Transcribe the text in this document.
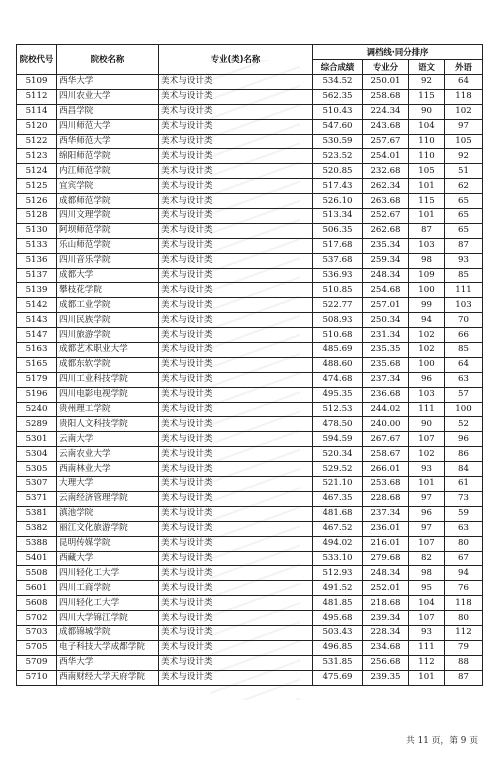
院校代号	院校名称	专业(类)名称	调档线·同分排序			
			综合成绩	专业分	语文	外语
5109	西华大学	美术与设计类	534.52	250.01	92	64
5112	四川农业大学	美术与设计类	562.35	258.68	115	118
5114	西昌学院	美术与设计类	510.43	224.34	90	102
5120	四川师范大学	美术与设计类	547.60	243.68	104	97
5122	西华师范大学	美术与设计类	530.59	257.67	110	105
5123	绵阳师范学院	美术与设计类	523.52	254.01	110	92
5124	内江师范学院	美术与设计类	520.85	232.68	105	51
5125	宜宾学院	美术与设计类	517.43	262.34	101	62
5126	成都师范学院	美术与设计类	526.10	263.68	115	65
5128	四川文理学院	美术与设计类	513.34	252.67	101	65
5130	阿坝师范学院	美术与设计类	506.35	262.68	87	65
5133	乐山师范学院	美术与设计类	517.68	235.34	103	87
5136	四川音乐学院	美术与设计类	537.68	259.34	98	93
5137	成都大学	美术与设计类	536.93	248.34	109	85
5139	攀枝花学院	美术与设计类	510.85	254.68	100	111
5142	成都工业学院	美术与设计类	522.77	257.01	99	103
5143	四川民族学院	美术与设计类	508.93	250.34	94	70
5147	四川旅游学院	美术与设计类	510.68	231.34	102	66
5163	成都艺术职业大学	美术与设计类	485.69	235.35	102	85
5165	成都东软学院	美术与设计类	488.60	235.68	100	64
5179	四川工业科技学院	美术与设计类	474.68	237.34	96	63
5196	四川电影电视学院	美术与设计类	495.35	236.68	103	57
5240	贵州理工学院	美术与设计类	512.53	244.02	111	100
5289	贵阳人文科技学院	美术与设计类	478.50	240.00	90	52
5301	云南大学	美术与设计类	594.59	267.67	107	96
5304	云南农业大学	美术与设计类	520.34	258.67	102	86
5305	西南林业大学	美术与设计类	529.52	266.01	93	84
5307	大理大学	美术与设计类	521.10	253.68	101	61
5371	云南经济管理学院	美术与设计类	467.35	228.68	97	73
5381	滇池学院	美术与设计类	481.68	237.34	96	59
5382	丽江文化旅游学院	美术与设计类	467.52	236.01	97	63
5388	昆明传媒学院	美术与设计类	494.02	216.01	107	80
5401	西藏大学	美术与设计类	533.10	279.68	82	67
5508	四川轻化工大学	美术与设计类	512.93	248.34	98	94
5601	四川工商学院	美术与设计类	491.52	252.01	95	76
5608	四川轻化工大学	美术与设计类	481.85	218.68	104	118
5702	四川大学锦江学院	美术与设计类	495.68	239.34	107	80
5703	成都锦城学院	美术与设计类	503.43	228.34	93	112
5705	电子科技大学成都学院	美术与设计类	496.85	234.68	111	79
5709	西华大学	美术与设计类	531.85	256.68	112	88
5710	西南财经大学天府学院	美术与设计类	475.69	239.35	101	87
共 11 页，第 9 页
